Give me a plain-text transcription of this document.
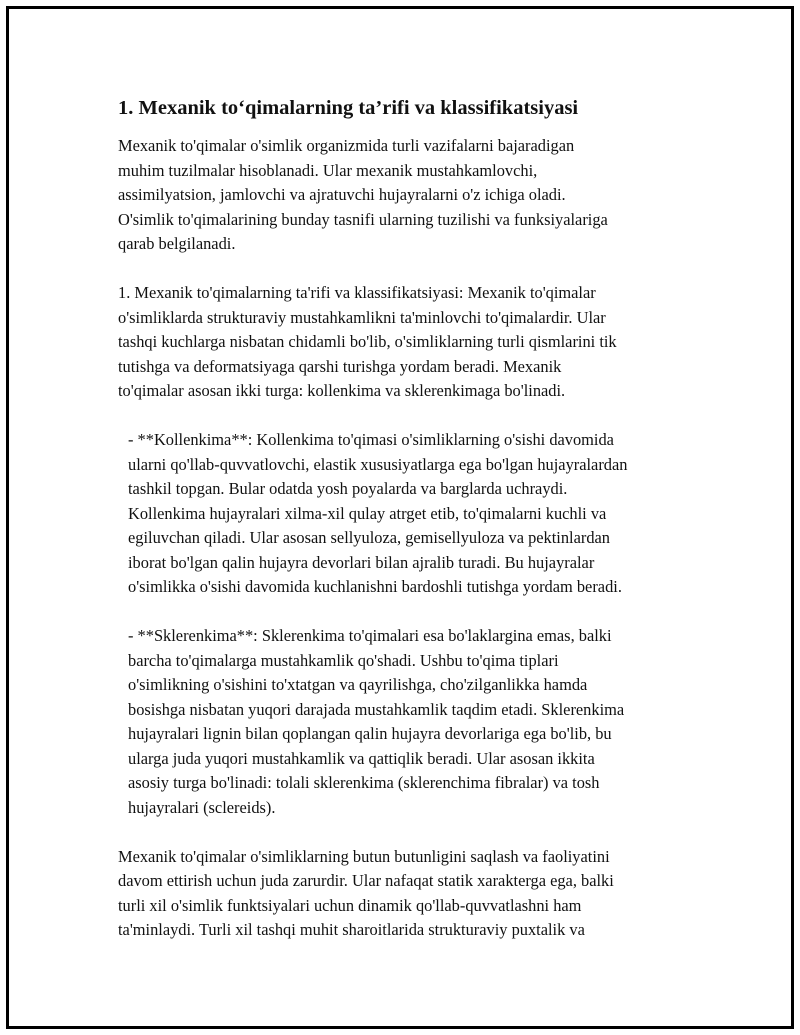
1. Mexanik to‘qimalarning ta’rifi va klassifikatsiyasi

Mexanik to'qimalar o'simlik organizmida turli vazifalarni bajaradigan
muhim tuzilmalar hisoblanadi. Ular mexanik mustahkamlovchi,
assimilyatsion, jamlovchi va ajratuvchi hujayralarni o'z ichiga oladi.
O'simlik to'qimalarining bunday tasnifi ularning tuzilishi va funksiyalariga
qarab belgilanadi.

1. Mexanik to'qimalarning ta'rifi va klassifikatsiyasi: Mexanik to'qimalar
o'simliklarda strukturaviy mustahkamlikni ta'minlovchi to'qimalardir. Ular
tashqi kuchlarga nisbatan chidamli bo'lib, o'simliklarning turli qismlarini tik
tutishga va deformatsiyaga qarshi turishga yordam beradi. Mexanik
to'qimalar asosan ikki turga: kollenkima va sklerenkimaga bo'linadi.

- **Kollenkima**: Kollenkima to'qimasi o'simliklarning o'sishi davomida
ularni qo'llab-quvvatlovchi, elastik xususiyatlarga ega bo'lgan hujayralardan
tashkil topgan. Bular odatda yosh poyalarda va barglarda uchraydi.
Kollenkima hujayralari xilma-xil qulay atrget etib, to'qimalarni kuchli va
egiluvchan qiladi. Ular asosan sellyuloza, gemisellyuloza va pektinlardan
iborat bo'lgan qalin hujayra devorlari bilan ajralib turadi. Bu hujayralar
o'simlikka o'sishi davomida kuchlanishni bardoshli tutishga yordam beradi.

- **Sklerenkima**: Sklerenkima to'qimalari esa bo'laklargina emas, balki
barcha to'qimalarga mustahkamlik qo'shadi. Ushbu to'qima tiplari
o'simlikning o'sishini to'xtatgan va qayrilishga, cho'zilganlikka hamda
bosishga nisbatan yuqori darajada mustahkamlik taqdim etadi. Sklerenkima
hujayralari lignin bilan qoplangan qalin hujayra devorlariga ega bo'lib, bu
ularga juda yuqori mustahkamlik va qattiqlik beradi. Ular asosan ikkita
asosiy turga bo'linadi: tolali sklerenkima (sklerenchima fibralar) va tosh
hujayralari (sclereids).

Mexanik to'qimalar o'simliklarning butun butunligini saqlash va faoliyatini
davom ettirish uchun juda zarurdir. Ular nafaqat statik xarakterga ega, balki
turli xil o'simlik funktsiyalari uchun dinamik qo'llab-quvvatlashni ham
ta'minlaydi. Turli xil tashqi muhit sharoitlarida strukturaviy puxtalik va
